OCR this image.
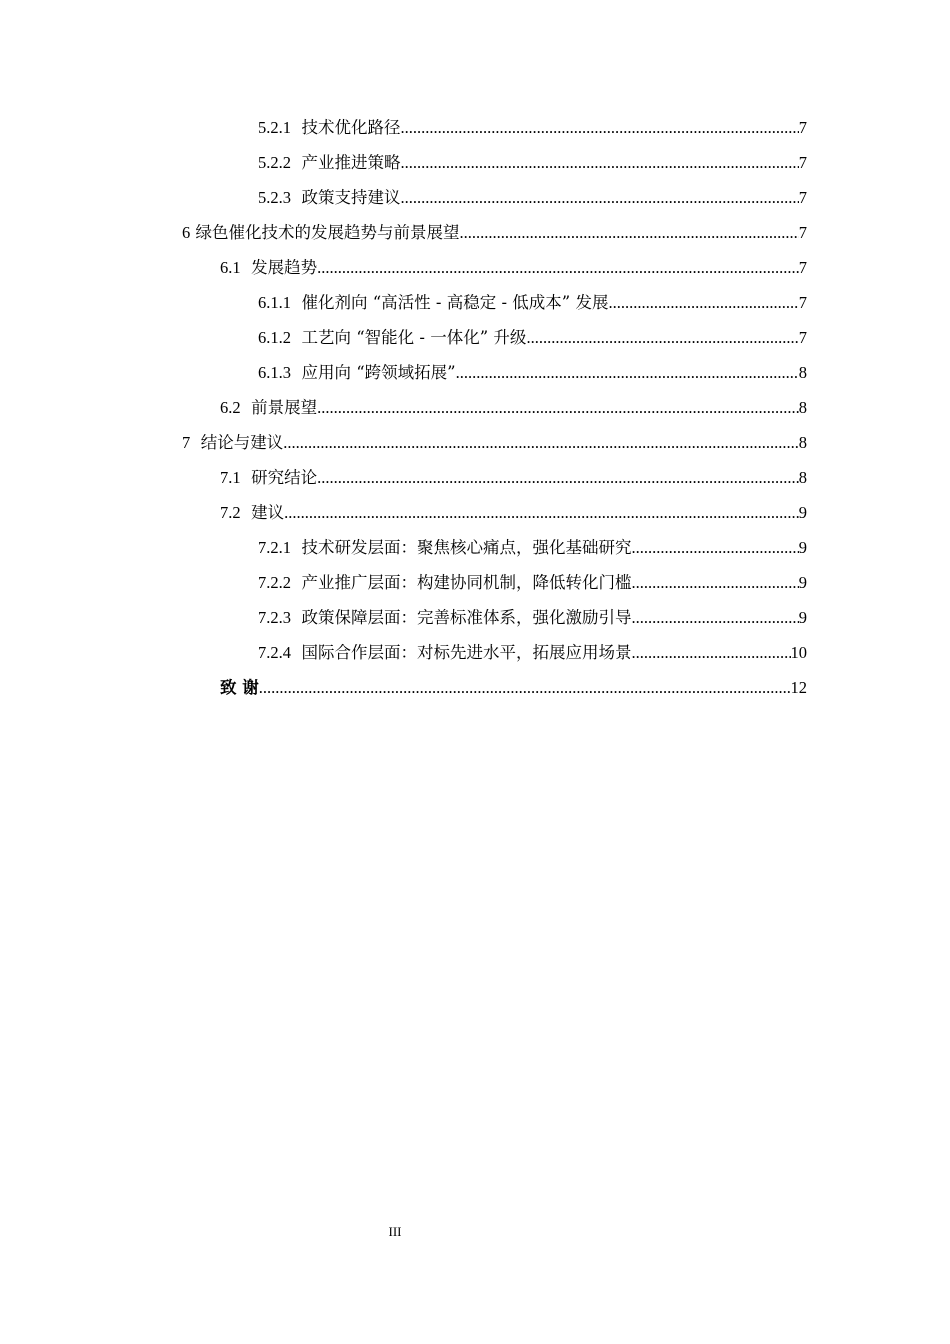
5.2.1 技术优化路径 .....	7
5.2.2 产业推进策略 .....	7
5.2.3 政策支持建议 .....	7
6 绿色催化技术的发展趋势与前景展望 .....	7
6.1 发展趋势 .....	7
6.1.1 催化剂向 “高活性 - 高稳定 - 低成本” 发展 .....	7
6.1.2 工艺向 “智能化 - 一体化” 升级 .....	7
6.1.3 应用向 “跨领域拓展” .....	8
6.2 前景展望 .....	8
7 结论与建议 .....	8
7.1 研究结论 .....	8
7.2 建议 .....	9
7.2.1 技术研发层面：聚焦核心痛点，强化基础研究 .....	9
7.2.2 产业推广层面：构建协同机制，降低转化门槛 .....	9
7.2.3 政策保障层面：完善标准体系，强化激励引导 .....	9
7.2.4 国际合作层面：对标先进水平，拓展应用场景 .....	10
致 谢 .....	12
III
